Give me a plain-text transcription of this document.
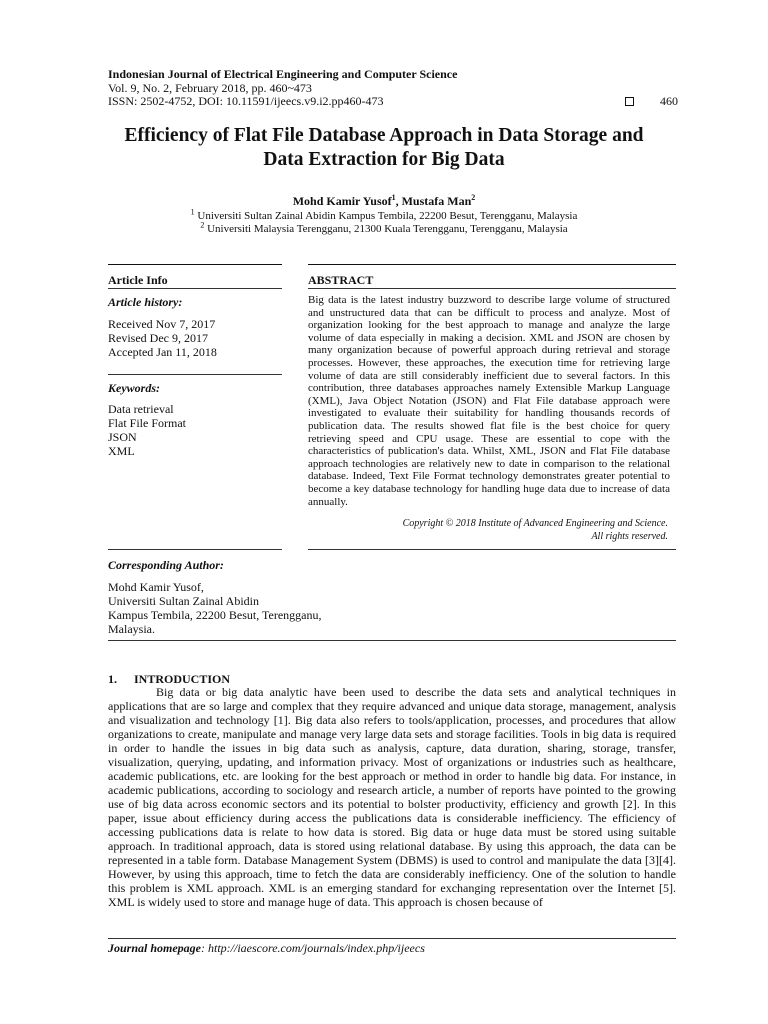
Indonesian Journal of Electrical Engineering and Computer Science
Vol. 9, No. 2, February 2018, pp. 460~473
ISSN: 2502-4752, DOI: 10.11591/ijeecs.v9.i2.pp460-473	460
Efficiency of Flat File Database Approach in Data Storage and
Data Extraction for Big Data
Mohd Kamir Yusof$^1$, Mustafa Man$^2$
$^1$ Universiti Sultan Zainal Abidin Kampus Tembila, 22200 Besut, Terengganu, Malaysia
$^2$ Universiti Malaysia Terengganu, 21300 Kuala Terengganu, Terengganu, Malaysia
Article Info
Article history:
Received Nov 7, 2017
Revised Dec 9, 2017
Accepted Jan 11, 2018
Keywords:
Data retrieval
Flat File Format
JSON
XML
ABSTRACT
Big data is the latest industry buzzword to describe large volume of structured and unstructured data that can be difficult to process and analyze. Most of organization looking for the best approach to manage and analyze the large volume of data especially in making a decision. XML and JSON are chosen by many organization because of powerful approach during retrieval and storage processes. However, these approaches, the execution time for retrieving large volume of data are still considerably inefficient due to several factors. In this contribution, three databases approaches namely Extensible Markup Language (XML), Java Object Notation (JSON) and Flat File database approach were investigated to evaluate their suitability for handling thousands records of publication data. The results showed flat file is the best choice for query retrieving speed and CPU usage. These are essential to cope with the characteristics of publication's data. Whilst, XML, JSON and Flat File database approach technologies are relatively new to date in comparison to the relational database. Indeed, Text File Format technology demonstrates greater potential to become a key database technology for handling huge data due to increase of data annually.
Copyright © 2018 Institute of Advanced Engineering and Science.
All rights reserved.
Corresponding Author:
Mohd Kamir Yusof,
Universiti Sultan Zainal Abidin
Kampus Tembila, 22200 Besut, Terengganu,
Malaysia.
1. INTRODUCTION
Big data or big data analytic have been used to describe the data sets and analytical techniques in applications that are so large and complex that they require advanced and unique data storage, management, analysis and visualization and technology [1]. Big data also refers to tools/application, processes, and procedures that allow organizations to create, manipulate and manage very large data sets and storage facilities. Tools in big data is required in order to handle the issues in big data such as analysis, capture, data duration, sharing, storage, transfer, visualization, querying, updating, and information privacy. Most of organizations or industries such as healthcare, academic publications, etc. are looking for the best approach or method in order to handle big data. For instance, in academic publications, according to sociology and research article, a number of reports have pointed to the growing use of big data across economic sectors and its potential to bolster productivity, efficiency and growth [2]. In this paper, issue about efficiency during access the publications data is considerable inefficiency. The efficiency of accessing publications data is relate to how data is stored. Big data or huge data must be stored using suitable approach. In traditional approach, data is stored using relational database. By using this approach, the data can be represented in a table form. Database Management System (DBMS) is used to control and manipulate the data [3][4]. However, by using this approach, time to fetch the data are considerably inefficiency. One of the solution to handle this problem is XML approach. XML is an emerging standard for exchanging representation over the Internet [5]. XML is widely used to store and manage huge of data. This approach is chosen because of
Journal homepage: http://iaescore.com/journals/index.php/ijeecs
